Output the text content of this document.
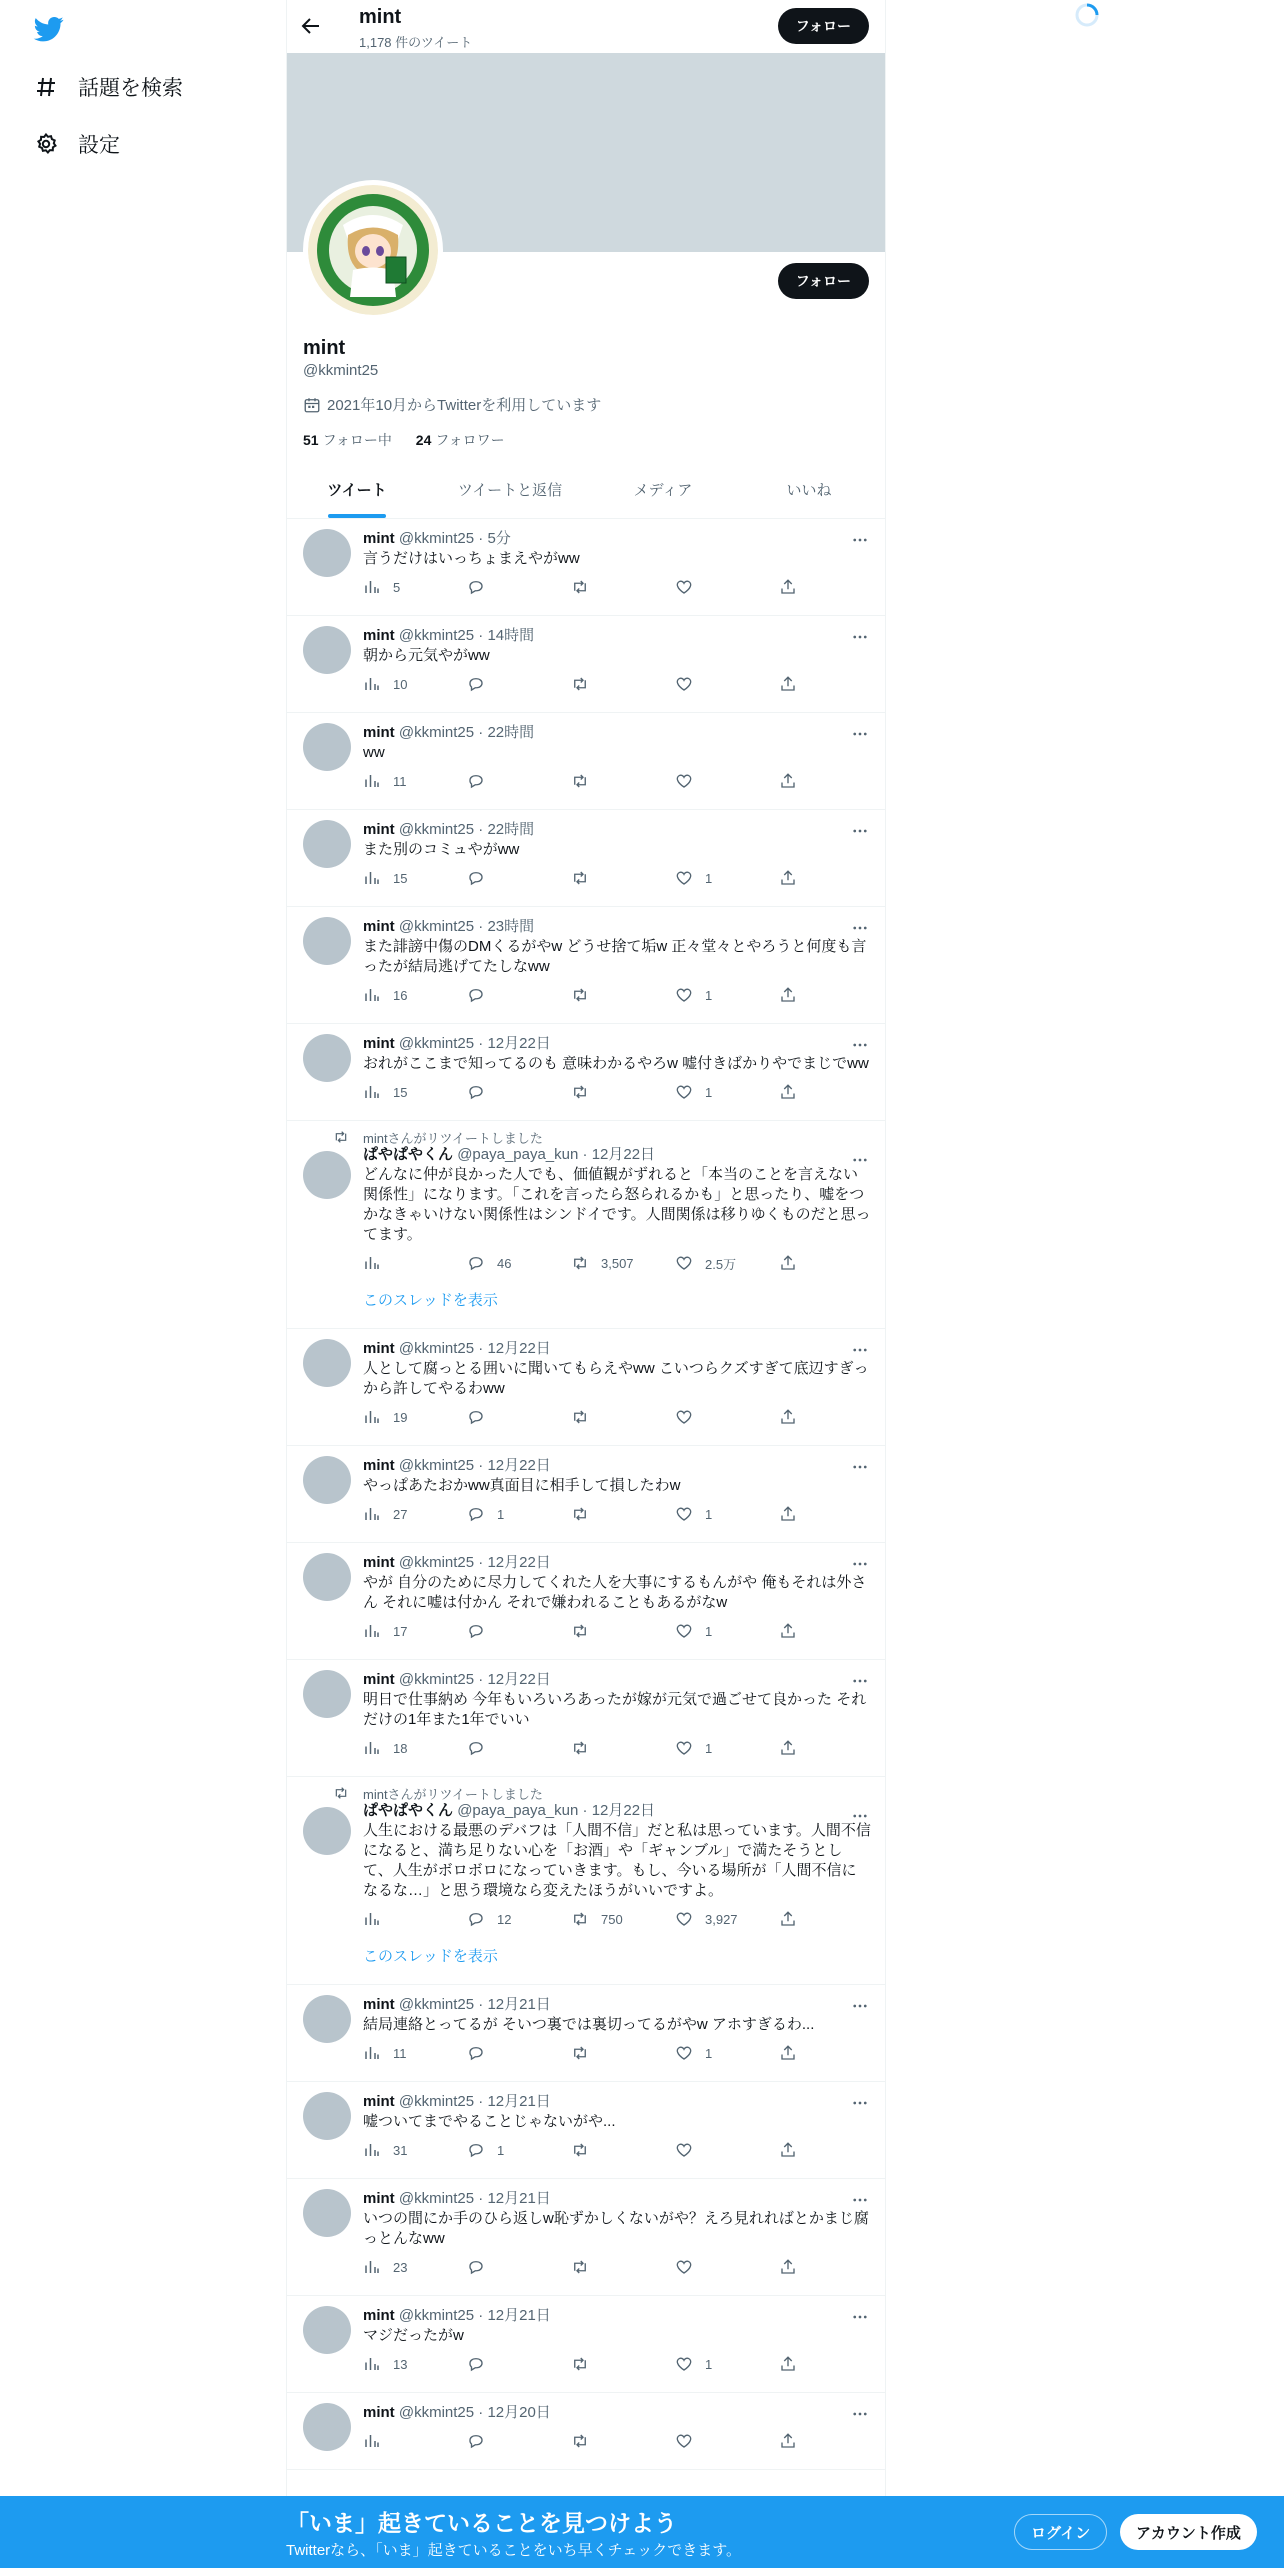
話題を検索
設定
mint
1,178 件のツイート
フォロー
フォロー
mint
@kkmint25
2021年10月からTwitterを利用しています
51 フォロー中 24 フォロワー
ツイート	ツイートと返信	メディア	いいね
mint @kkmint25 · 5分
言うだけはいっちょまえやがww
5
mint @kkmint25 · 14時間
朝から元気やがww
10
mint @kkmint25 · 22時間
ww
11
mint @kkmint25 · 22時間
また別のコミュやがww
15	1
mint @kkmint25 · 23時間
また誹謗中傷のDMくるがやw どうせ捨て垢w 正々堂々とやろうと何度も言ったが結局逃げてたしなww
16	1
mint @kkmint25 · 12月22日
おれがここまで知ってるのも 意味わかるやろw 嘘付きばかりやでまじでww
15	1
mintさんがリツイートしました
ぱやぱやくん @paya_paya_kun · 12月22日
どんなに仲が良かった人でも、価値観がずれると「本当のことを言えない関係性」になります。「これを言ったら怒られるかも」と思ったり、嘘をつかなきゃいけない関係性はシンドイです。人間関係は移りゆくものだと思ってます。
46	3,507	2.5万
このスレッドを表示
mint @kkmint25 · 12月22日
人として腐っとる囲いに聞いてもらえやww こいつらクズすぎて底辺すぎっから許してやるわww
19
mint @kkmint25 · 12月22日
やっぱあたおかww真面目に相手して損したわw
27	1	1
mint @kkmint25 · 12月22日
やが 自分のために尽力してくれた人を大事にするもんがや 俺もそれは外さん それに嘘は付かん それで嫌われることもあるがなw
17	1
mint @kkmint25 · 12月22日
明日で仕事納め 今年もいろいろあったが嫁が元気で過ごせて良かった それだけの1年また1年でいい
18	1
mintさんがリツイートしました
ぱやぱやくん @paya_paya_kun · 12月22日
人生における最悪のデバフは「人間不信」だと私は思っています。人間不信になると、満ち足りない心を「お酒」や「ギャンブル」で満たそうとして、人生がボロボロになっていきます。もし、今いる場所が「人間不信になるな…」と思う環境なら変えたほうがいいですよ。
12	750	3,927
このスレッドを表示
mint @kkmint25 · 12月21日
結局連絡とってるが そいつ裏では裏切ってるがやw アホすぎるわ...
11	1
mint @kkmint25 · 12月21日
嘘ついてまでやることじゃないがや...
31	1
mint @kkmint25 · 12月21日
いつの間にか手のひら返しw恥ずかしくないがや？えろ見れればとかまじ腐っとんなww
23
mint @kkmint25 · 12月21日
マジだったがw
13	1
mint @kkmint25 · 12月20日
「いま」起きていることを見つけよう
Twitterなら、「いま」起きていることをいち早くチェックできます。
ログイン	アカウント作成
